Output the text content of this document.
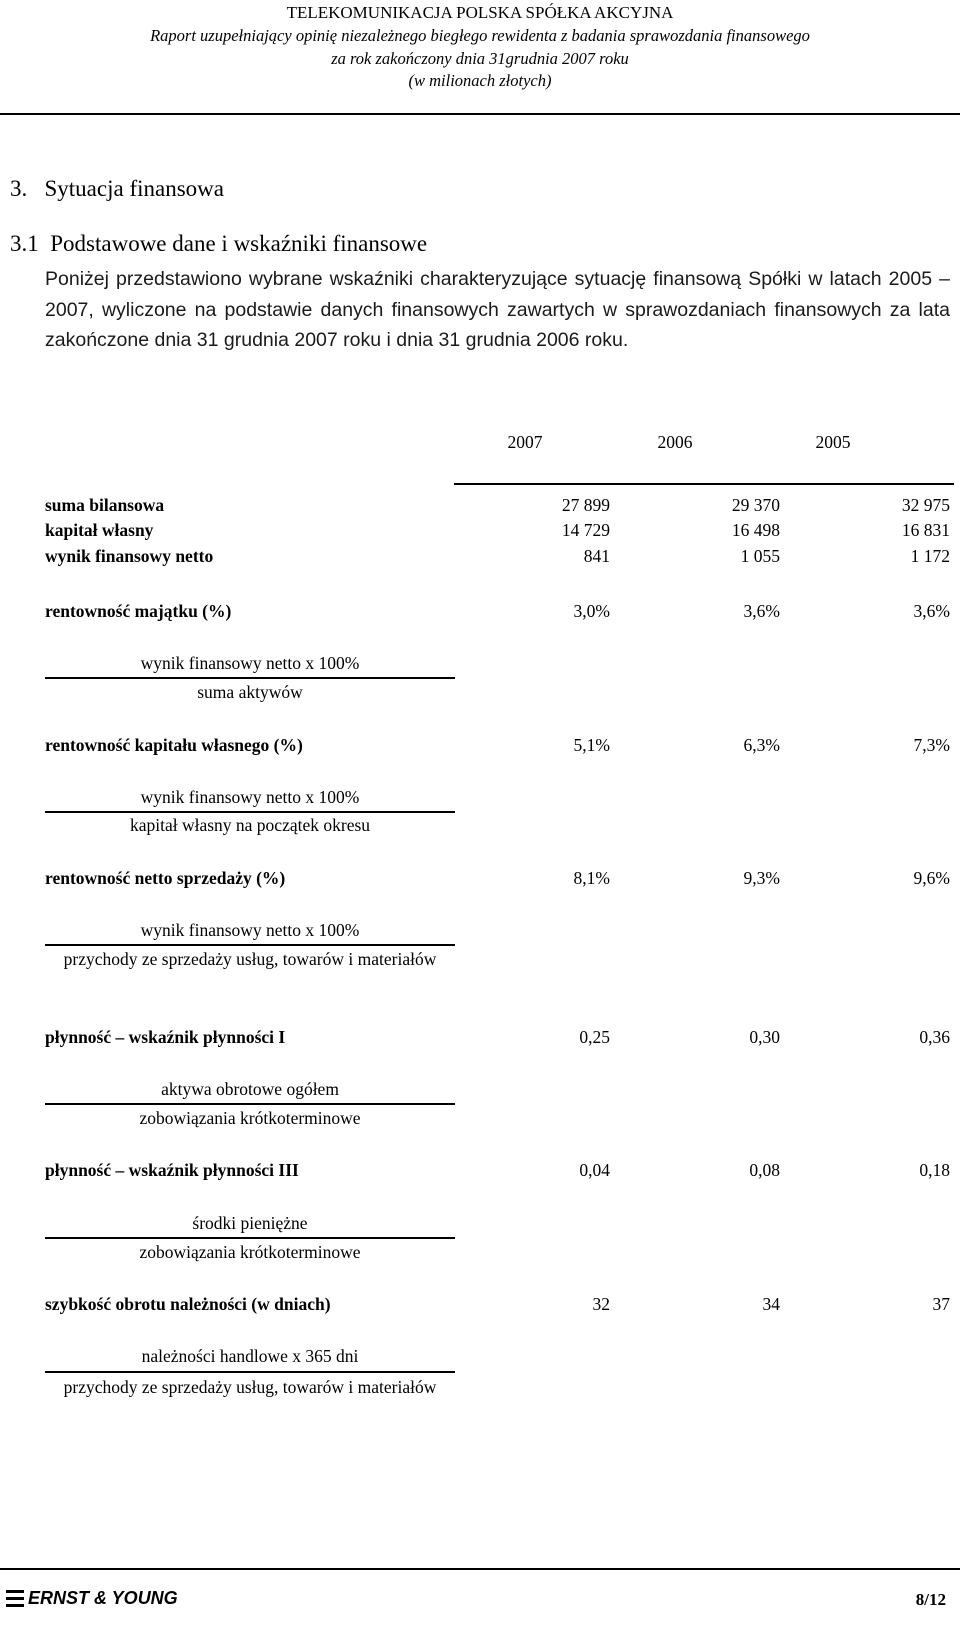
TELEKOMUNIKACJA POLSKA SPÓŁKA AKCYJNA
Raport uzupełniający opinię niezależnego biegłego rewidenta z badania sprawozdania finansowego
za rok zakończony dnia 31grudnia 2007 roku
(w milionach złotych)
3.   Sytuacja finansowa
3.1  Podstawowe dane i wskaźniki finansowe
Poniżej przedstawiono wybrane wskaźniki charakteryzujące sytuację finansową Spółki w latach 2005 – 2007, wyliczone na podstawie danych finansowych zawartych w sprawozdaniach finansowych za lata zakończone dnia 31 grudnia 2007 roku i dnia 31 grudnia 2006 roku.
2007	2006	2005
suma bilansowa	27 899	29 370	32 975
kapitał własny	14 729	16 498	16 831
wynik finansowy netto	841	1 055	1 172
rentowność majątku (%)	3,0%	3,6%	3,6%
wynik finansowy netto x 100%
suma aktywów
rentowność kapitału własnego (%)	5,1%	6,3%	7,3%
wynik finansowy netto x 100%
kapitał własny na początek okresu
rentowność netto sprzedaży (%)	8,1%	9,3%	9,6%
wynik finansowy netto x 100%
przychody ze sprzedaży usług, towarów i materiałów
płynność – wskaźnik płynności I	0,25	0,30	0,36
aktywa obrotowe ogółem
zobowiązania krótkoterminowe
płynność – wskaźnik płynności III	0,04	0,08	0,18
środki pieniężne
zobowiązania krótkoterminowe
szybkość obrotu należności (w dniach)	32	34	37
należności handlowe x 365 dni
przychody ze sprzedaży usług, towarów i materiałów
ERNST & YOUNG	8/12
